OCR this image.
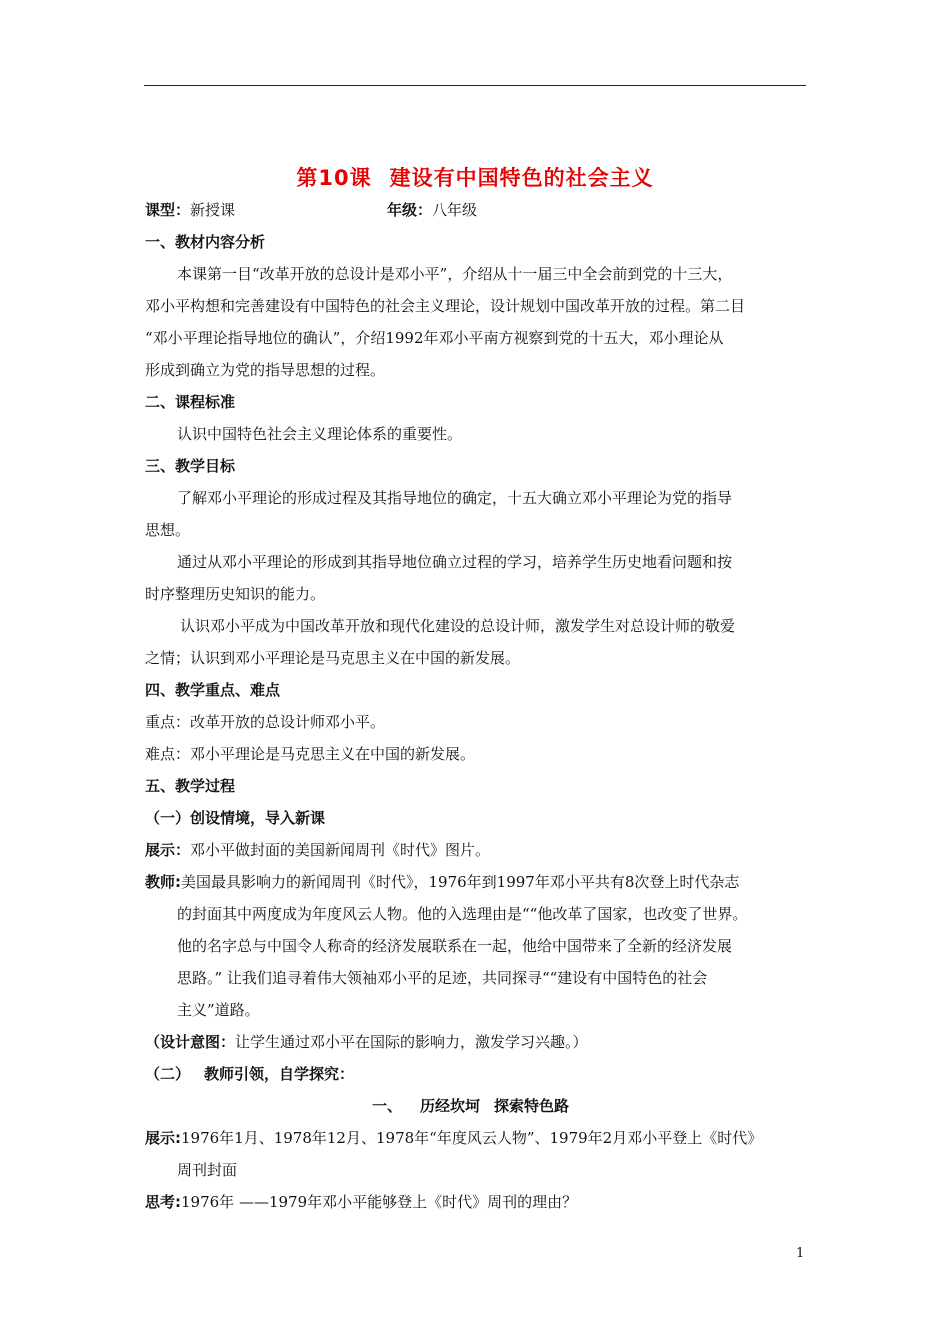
第10课 建设有中国特色的社会主义
课型：新授课	年级：八年级
一、教材内容分析
本课第一目“改革开放的总设计是邓小平”，介绍从十一届三中全会前到党的十三大，
邓小平构想和完善建设有中国特色的社会主义理论，设计规划中国改革开放的过程。第二目
“邓小平理论指导地位的确认”，介绍1992年邓小平南方视察到党的十五大，邓小理论从
形成到确立为党的指导思想的过程。
二、课程标准
认识中国特色社会主义理论体系的重要性。
三、教学目标
了解邓小平理论的形成过程及其指导地位的确定，十五大确立邓小平理论为党的指导
思想。
通过从邓小平理论的形成到其指导地位确立过程的学习，培养学生历史地看问题和按
时序整理历史知识的能力。
认识邓小平成为中国改革开放和现代化建设的总设计师，激发学生对总设计师的敬爱
之情；认识到邓小平理论是马克思主义在中国的新发展。
四、教学重点、难点
重点：改革开放的总设计师邓小平。
难点：邓小平理论是马克思主义在中国的新发展。
五、教学过程
（一）创设情境，导入新课
展示：邓小平做封面的美国新闻周刊《时代》图片。
教师:美国最具影响力的新闻周刊《时代》，1976年到1997年邓小平共有8次登上时代杂志
的封面其中两度成为年度风云人物。他的入选理由是““他改革了国家，也改变了世界。
他的名字总与中国令人称奇的经济发展联系在一起，他给中国带来了全新的经济发展
思路。” 让我们追寻着伟大领袖邓小平的足迹，共同探寻““建设有中国特色的社会
主义”道路。
（设计意图：让学生通过邓小平在国际的影响力，激发学习兴趣。）
（二） 教师引领，自学探究：
一、 历经坎坷 探索特色路
展示:1976年1月、1978年12月、1978年“年度风云人物”、1979年2月邓小平登上《时代》
周刊封面
思考:1976年 ——1979年邓小平能够登上《时代》周刊的理由？
1
